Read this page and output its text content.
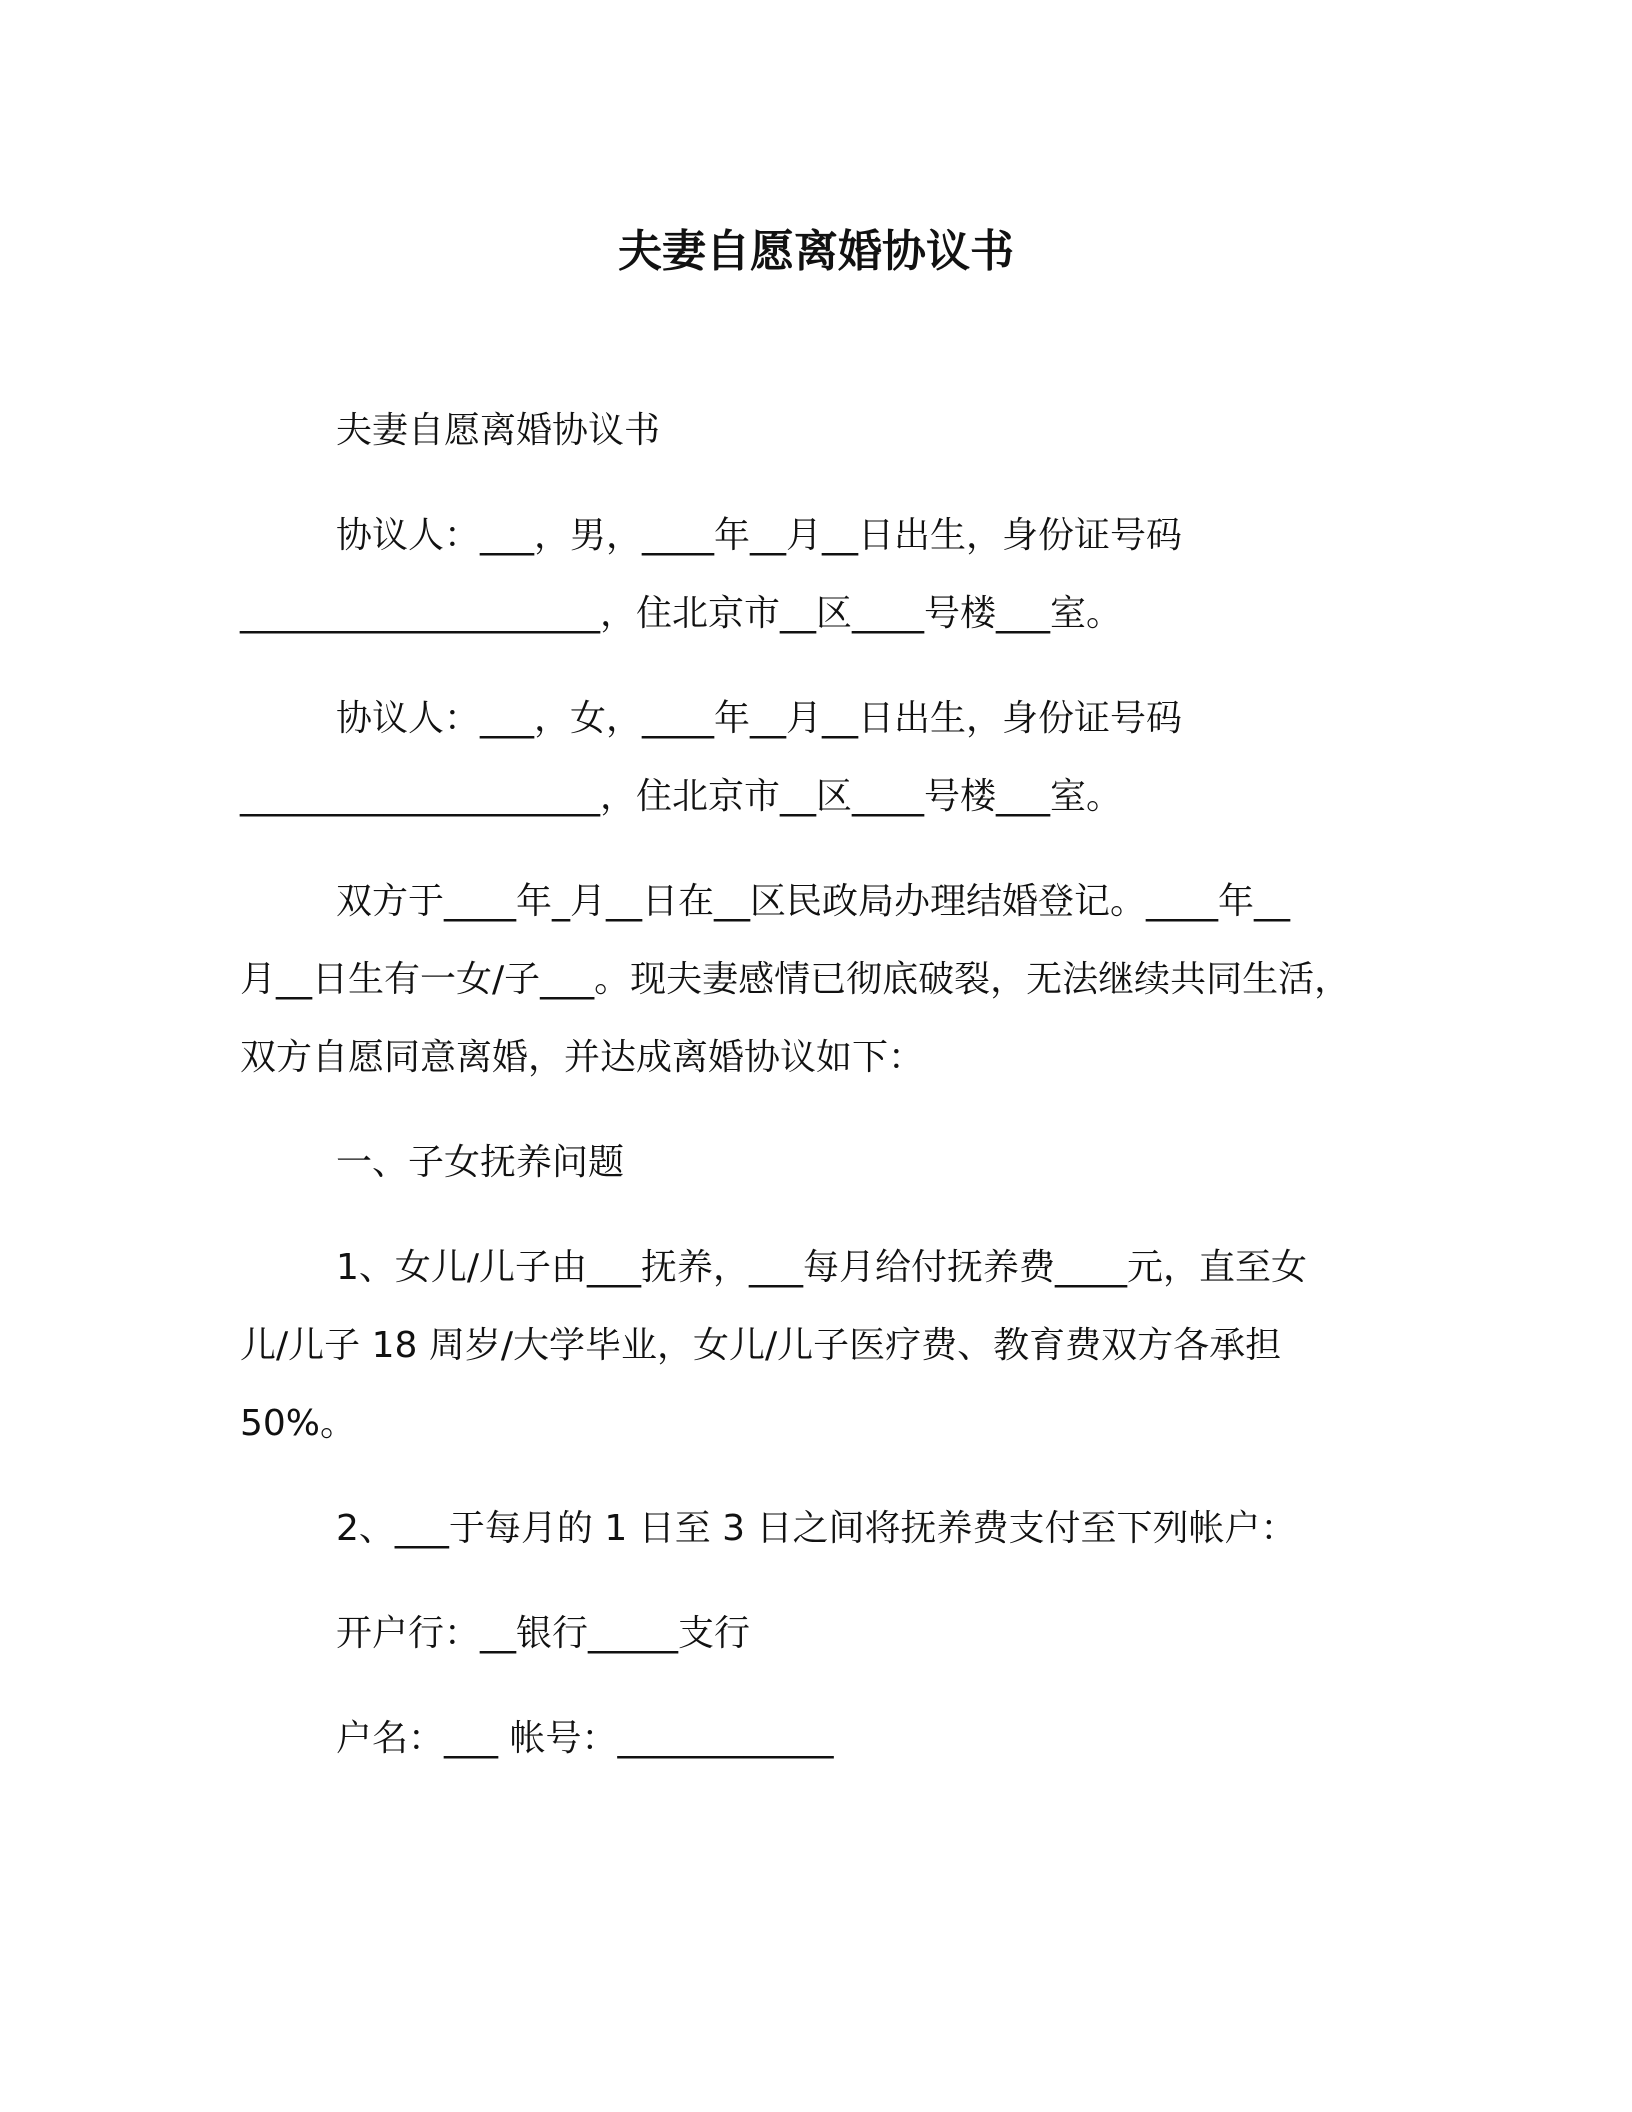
夫妻自愿离婚协议书
夫妻自愿离婚协议书
协议人：___，男，____年__月__日出生，身份证号码
____________________，住北京市__区____号楼___室。
协议人：___，女，____年__月__日出生，身份证号码
____________________，住北京市__区____号楼___室。
双方于____年_月__日在__区民政局办理结婚登记。____年__
月__日生有一女/子___。现夫妻感情已彻底破裂，无法继续共同生活，
双方自愿同意离婚，并达成离婚协议如下：
一、子女抚养问题
1、女儿/儿子由___抚养，___每月给付抚养费____元，直至女
儿/儿子 18 周岁/大学毕业，女儿/儿子医疗费、教育费双方各承担
50%。
2、___于每月的 1 日至 3 日之间将抚养费支付至下列帐户：
开户行：__银行_____支行
户名：___ 帐号：____________
